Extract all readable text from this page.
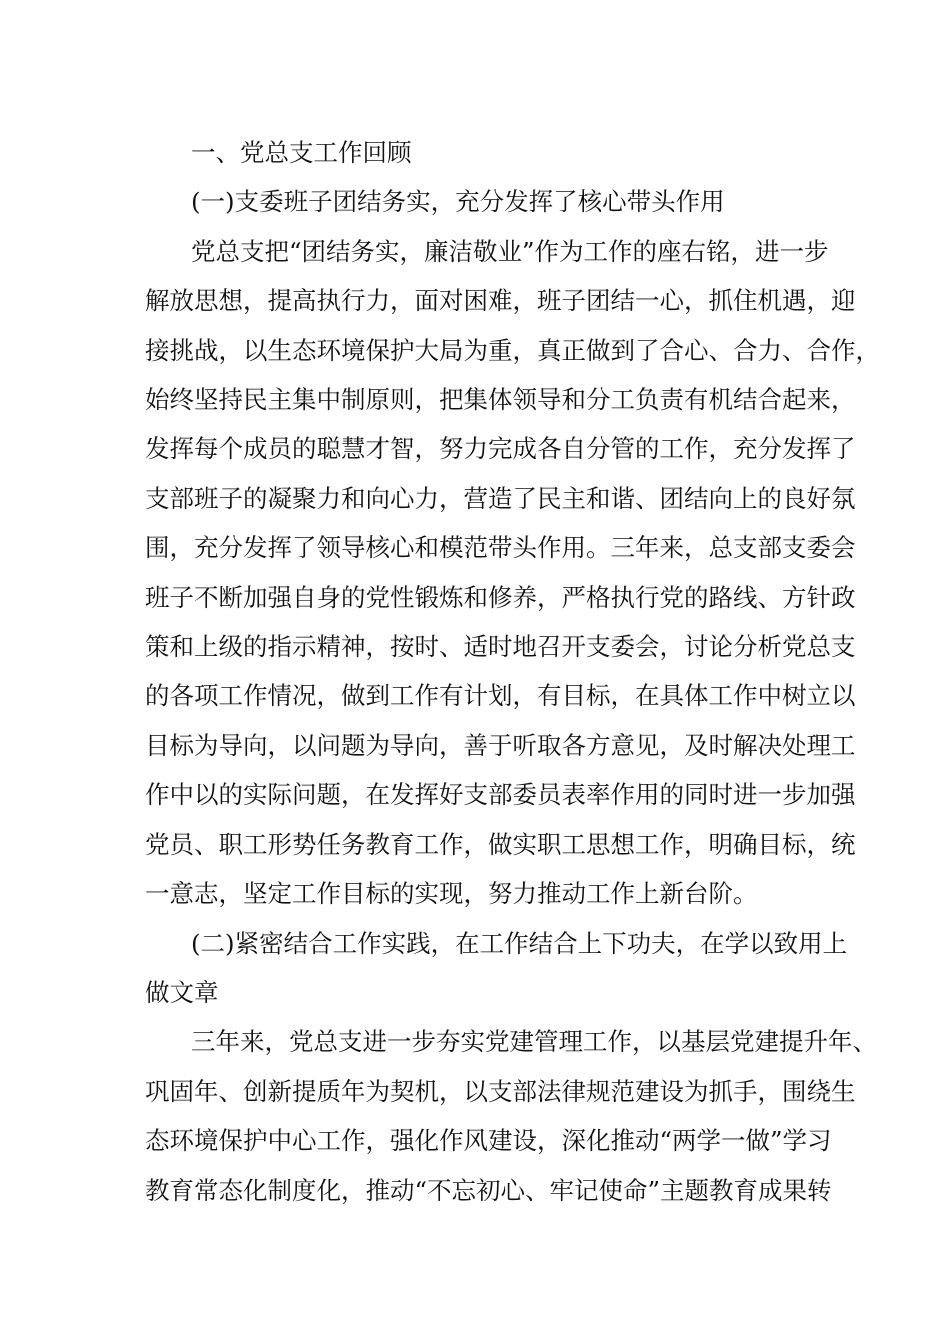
一、党总支工作回顾

(一)支委班子团结务实，充分发挥了核心带头作用

党总支把“团结务实，廉洁敬业”作为工作的座右铭，进一步

解放思想，提高执行力，面对困难，班子团结一心，抓住机遇，迎

接挑战，以生态环境保护大局为重，真正做到了合心、合力、合作，

始终坚持民主集中制原则，把集体领导和分工负责有机结合起来，

发挥每个成员的聪慧才智，努力完成各自分管的工作，充分发挥了

支部班子的凝聚力和向心力，营造了民主和谐、团结向上的良好氛

围，充分发挥了领导核心和模范带头作用。三年来，总支部支委会

班子不断加强自身的党性锻炼和修养，严格执行党的路线、方针政

策和上级的指示精神，按时、适时地召开支委会，讨论分析党总支

的各项工作情况，做到工作有计划，有目标，在具体工作中树立以

目标为导向，以问题为导向，善于听取各方意见，及时解决处理工

作中以的实际问题，在发挥好支部委员表率作用的同时进一步加强

党员、职工形势任务教育工作，做实职工思想工作，明确目标，统

一意志，坚定工作目标的实现，努力推动工作上新台阶。

(二)紧密结合工作实践，在工作结合上下功夫，在学以致用上

做文章

三年来，党总支进一步夯实党建管理工作，以基层党建提升年、

巩固年、创新提质年为契机，以支部法律规范建设为抓手，围绕生

态环境保护中心工作，强化作风建设，深化推动“两学一做”学习

教育常态化制度化，推动“不忘初心、牢记使命”主题教育成果转
